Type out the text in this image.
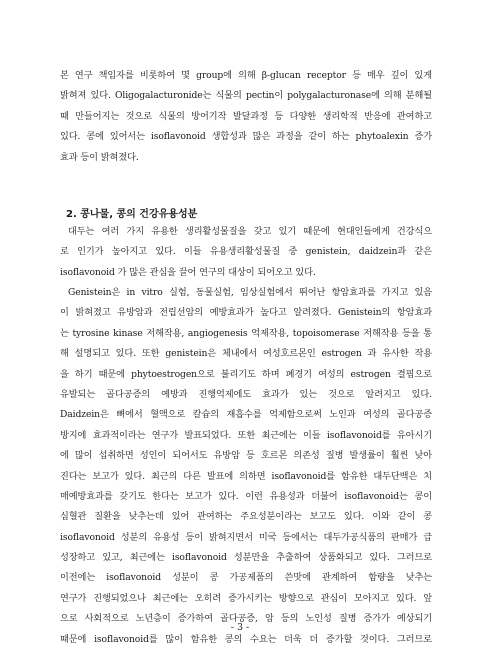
본 연구 책임자를 비롯하여 몇 group에 의해 β-glucan receptor 등 매우 깊이 있게
밝혀져 있다. Oligogalacturonide는 식물의 pectin이 polygalacturonase에 의해 분해될
때 만들어지는 것으로 식물의 방어기작 발달과정 등 다양한 생리학적 반응에 관여하고
있다. 콩에 있어서는 isoflavonoid 생합성과 많은 과정을 같이 하는 phytoalexin 증가
효과 등이 밝혀졌다.
2. 콩나물, 콩의 건강유용성분
대두는 여러 가지 유용한 생리활성물질을 갖고 있기 때문에 현대인들에게 건강식으
로 인기가 높아지고 있다. 이들 유용생리활성물질 중 genistein, daidzein과 같은
isoflavonoid 가 많은 관심을 끌어 연구의 대상이 되어오고 있다.
Genistein은 in vitro 실험, 동물실험, 임상실험에서 뛰어난 항암효과를 가지고 있음
이 밝혀졌고 유방암과 전립선암의 예방효과가 높다고 알려졌다. Genistein의 항암효과
는 tyrosine kinase 저해작용, angiogenesis 억제작용, topoisomerase 저해작용 등을 통
해 설명되고 있다. 또한 genistein은 체내에서 여성호르몬인 estrogen 과 유사한 작용
을 하기 때문에 phytoestrogen으로 불리기도 하며 폐경기 여성의 estrogen 결핍으로
유발되는 골다공증의 예방과 진행억제에도 효과가 있는 것으로 알려지고 있다.
Daidzein은 뼈에서 혈액으로 칼슘의 재흡수를 억제함으로써 노인과 여성의 골다공증
방지에 효과적이라는 연구가 발표되었다. 또한 최근에는 이들 isoflavonoid를 유아시기
에 많이 섭취하면 성인이 되어서도 유방암 등 호르몬 의존성 질병 발생률이 훨씬 낮아
진다는 보고가 있다. 최근의 다른 발표에 의하면 isoflavonoid를 함유한 대두단백은 치
매예방효과를 갖기도 한다는 보고가 있다. 이런 유용성과 더불어 isoflavonoid는 콩이
심혈관 질환을 낮추는데 있어 관여하는 주요성분이라는 보고도 있다. 이와 같이 콩
isoflavonoid 성분의 유용성 등이 밝혀지면서 미국 등에서는 대두가공식품의 판매가 급
성장하고 있고, 최근에는 isoflavonoid 성분만을 추출하여 상품화되고 있다. 그러므로
이전에는 isoflavonoid 성분이 콩 가공제품의 쓴맛에 관계하여 함량을 낮추는
연구가 진행되었으나 최근에는 오히려 증가시키는 방향으로 관심이 모아지고 있다. 앞
으로 사회적으로 노년층이 증가하여 골다공증, 암 등의 노인성 질병 증가가 예상되기
때문에 isoflavonoid를 많이 함유한 콩의 수요는 더욱 더 증가할 것이다. 그러므로
- 3 -
